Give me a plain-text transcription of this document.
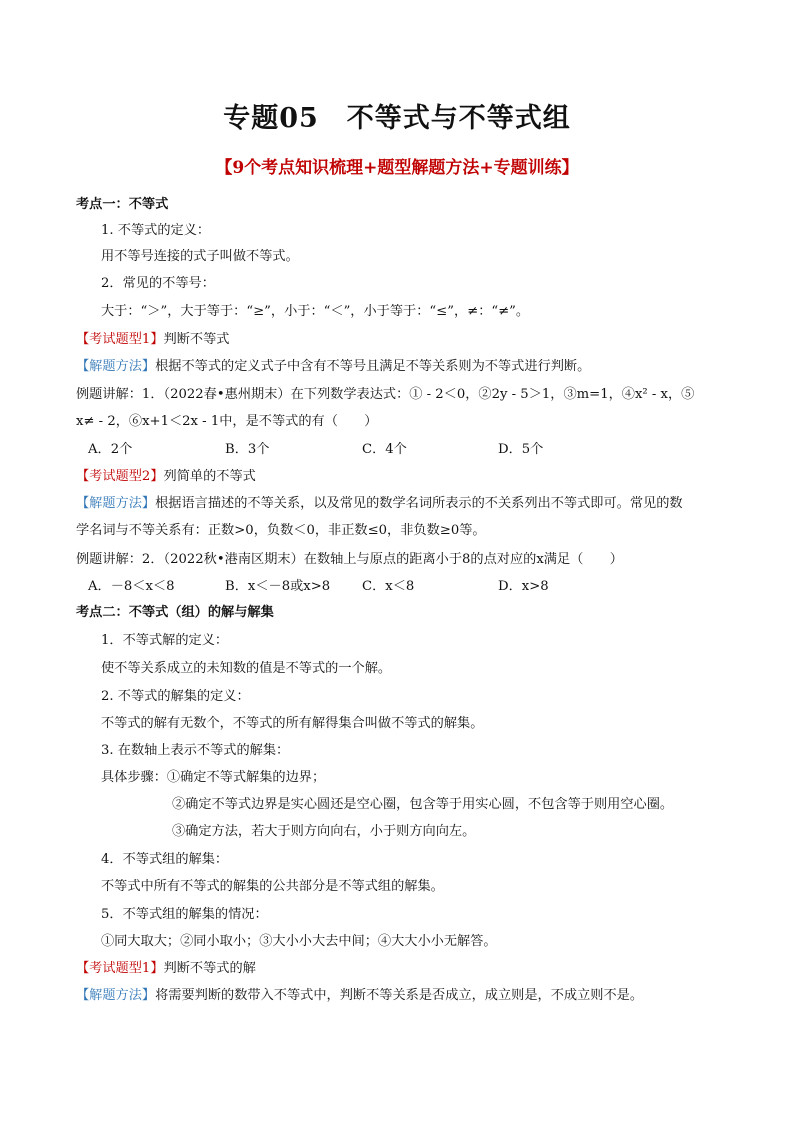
专题05　不等式与不等式组
【9个考点知识梳理+题型解题方法+专题训练】
考点一：不等式
1. 不等式的定义：
用不等号连接的式子叫做不等式。
2．常见的不等号：
大于：“＞”，大于等于：“≥”，小于：“＜”，小于等于：“≤”，≠：“≠”。
【考试题型1】判断不等式
【解题方法】根据不等式的定义式子中含有不等号且满足不等关系则为不等式进行判断。
例题讲解：1．（2022春•惠州期末）在下列数学表达式：① - 2＜0，②2y - 5＞1，③m=1，④x² - x，⑤
x≠ - 2，⑥x+1＜2x - 1中，是不等式的有（　　）
A．2个	B．3个	C．4个	D．5个
【考试题型2】列简单的不等式
【解题方法】根据语言描述的不等关系，以及常见的数学名词所表示的不关系列出不等式即可。常见的数
学名词与不等关系有：正数>0，负数＜0，非正数≤0，非负数≥0等。
例题讲解：2．（2022秋•港南区期末）在数轴上与原点的距离小于8的点对应的x满足（　　）
A．－8＜x＜8	B．x＜－8或x>8 C．x＜8	D．x>8
考点二：不等式（组）的解与解集
1．不等式解的定义：
使不等关系成立的未知数的值是不等式的一个解。
2. 不等式的解集的定义：
不等式的解有无数个，不等式的所有解得集合叫做不等式的解集。
3. 在数轴上表示不等式的解集：
具体步骤：①确定不等式解集的边界；
②确定不等式边界是实心圆还是空心圈，包含等于用实心圆，不包含等于则用空心圈。
③确定方法，若大于则方向向右，小于则方向向左。
4．不等式组的解集：
不等式中所有不等式的解集的公共部分是不等式组的解集。
5．不等式组的解集的情况：
①同大取大；②同小取小；③大小小大去中间；④大大小小无解答。
【考试题型1】判断不等式的解
【解题方法】将需要判断的数带入不等式中，判断不等关系是否成立，成立则是，不成立则不是。
